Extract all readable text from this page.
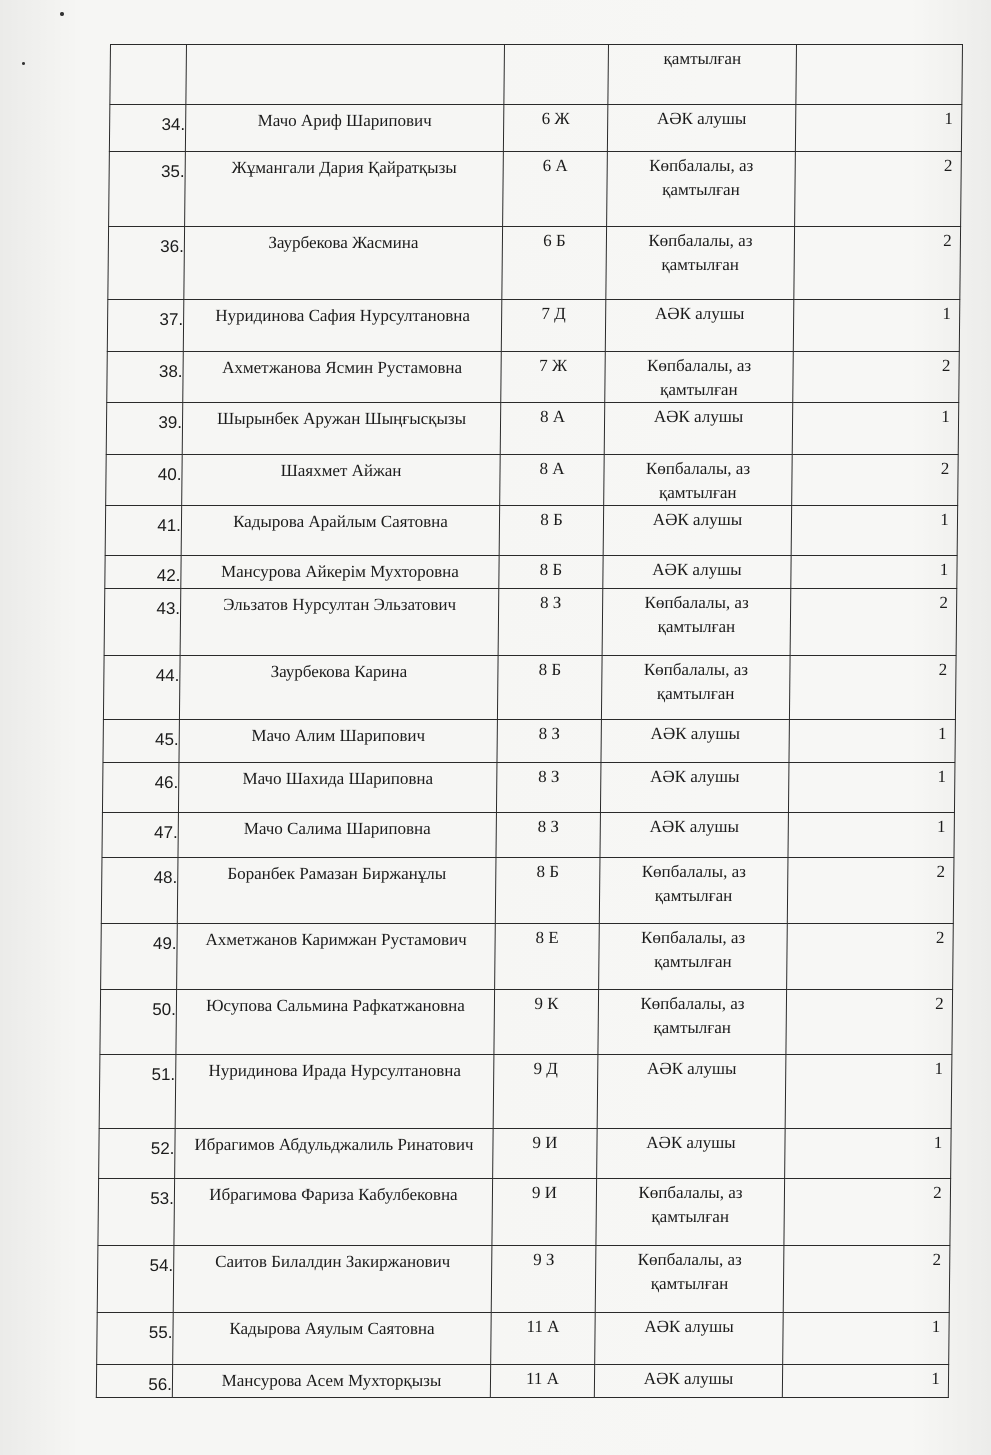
			қамтылған	
34.	Мачо Ариф Шарипович	6 Ж	АӘК алушы	1
35.	Жұмангали Дария Қайратқызы	6 А	Көпбалалы, аз қамтылған	2
36.	Заурбекова Жасмина	6 Б	Көпбалалы, аз қамтылған	2
37.	Нуридинова Сафия Нурсултановна	7 Д	АӘК алушы	1
38.	Ахметжанова Ясмин Рустамовна	7 Ж	Көпбалалы, аз қамтылған	2
39.	Шырынбек Аружан Шыңғысқызы	8 А	АӘК алушы	1
40.	Шаяхмет Айжан	8 А	Көпбалалы, аз қамтылған	2
41.	Кадырова Арайлым Саятовна	8 Б	АӘК алушы	1
42.	Мансурова Айкерім Мухторовна	8 Б	АӘК алушы	1
43.	Эльзатов Нурсултан Эльзатович	8 З	Көпбалалы, аз қамтылған	2
44.	Заурбекова Карина	8 Б	Көпбалалы, аз қамтылған	2
45.	Мачо Алим Шарипович	8 З	АӘК алушы	1
46.	Мачо Шахида Шариповна	8 З	АӘК алушы	1
47.	Мачо Салима Шариповна	8 З	АӘК алушы	1
48.	Боранбек Рамазан Биржанұлы	8 Б	Көпбалалы, аз қамтылған	2
49.	Ахметжанов Каримжан Рустамович	8 Е	Көпбалалы, аз қамтылған	2
50.	Юсупова Сальмина Рафкатжановна	9 К	Көпбалалы, аз қамтылған	2
51.	Нуридинова Ирада Нурсултановна	9 Д	АӘК алушы	1
52.	Ибрагимов Абдульджалиль Ринатович	9 И	АӘК алушы	1
53.	Ибрагимова Фариза Кабулбековна	9 И	Көпбалалы, аз қамтылған	2
54.	Саитов Билалдин Закиржанович	9 З	Көпбалалы, аз қамтылған	2
55.	Кадырова Аяулым Саятовна	11 А	АӘК алушы	1
56.	Мансурова Асем Мухторқызы	11 А	АӘК алушы	1
